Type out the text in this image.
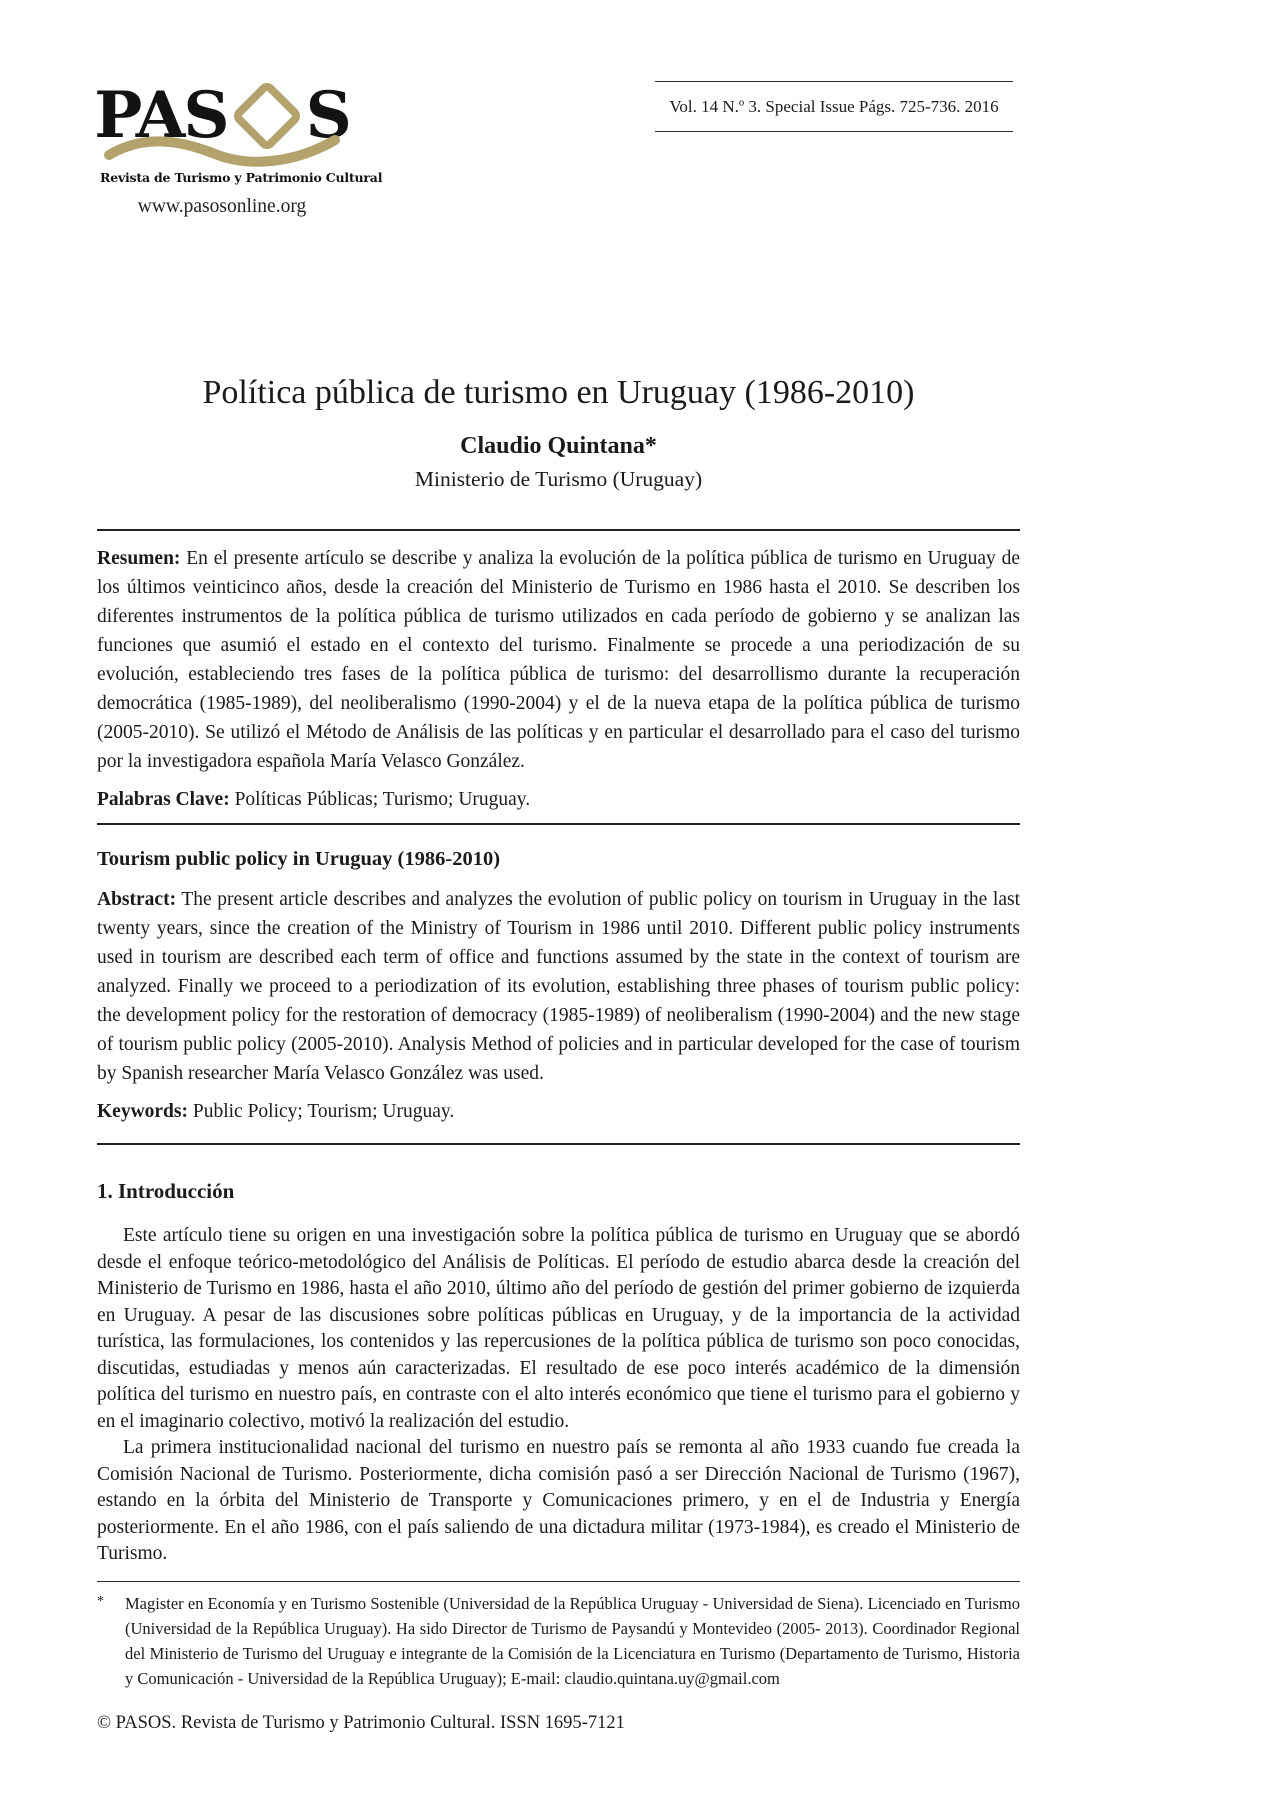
PAS S
Revista de Turismo y Patrimonio Cultural
www.pasosonline.org
Vol. 14 N.º 3. Special Issue Págs. 725-736. 2016
Política pública de turismo en Uruguay (1986-2010)
Claudio Quintana*
Ministerio de Turismo (Uruguay)

Resumen: En el presente artículo se describe y analiza la evolución de la política pública de turismo en Uruguay de los últimos veinticinco años, desde la creación del Ministerio de Turismo en 1986 hasta el 2010. Se describen los diferentes instrumentos de la política pública de turismo utilizados en cada período de gobierno y se analizan las funciones que asumió el estado en el contexto del turismo. Finalmente se procede a una periodización de su evolución, estableciendo tres fases de la política pública de turismo: del desarrollismo durante la recuperación democrática (1985-1989), del neoliberalismo (1990-2004) y el de la nueva etapa de la política pública de turismo (2005-2010). Se utilizó el Método de Análisis de las políticas y en particular el desarrollado para el caso del turismo por la investigadora española María Velasco González.

Palabras Clave: Políticas Públicas; Turismo; Uruguay.

Tourism public policy in Uruguay (1986-2010)

Abstract: The present article describes and analyzes the evolution of public policy on tourism in Uruguay in the last twenty years, since the creation of the Ministry of Tourism in 1986 until 2010. Different public policy instruments used in tourism are described each term of office and functions assumed by the state in the context of tourism are analyzed. Finally we proceed to a periodization of its evolution, establishing three phases of tourism public policy: the development policy for the restoration of democracy (1985-1989) of neoliberalism (1990-2004) and the new stage of tourism public policy (2005-2010). Analysis Method of policies and in particular developed for the case of tourism by Spanish researcher María Velasco González was used.

Keywords: Public Policy; Tourism; Uruguay.

1. Introducción

Este artículo tiene su origen en una investigación sobre la política pública de turismo en Uruguay que se abordó desde el enfoque teórico-metodológico del Análisis de Políticas. El período de estudio abarca desde la creación del Ministerio de Turismo en 1986, hasta el año 2010, último año del período de gestión del primer gobierno de izquierda en Uruguay. A pesar de las discusiones sobre políticas públicas en Uruguay, y de la importancia de la actividad turística, las formulaciones, los contenidos y las repercusiones de la política pública de turismo son poco conocidas, discutidas, estudiadas y menos aún caracterizadas. El resultado de ese poco interés académico de la dimensión política del turismo en nuestro país, en contraste con el alto interés económico que tiene el turismo para el gobierno y en el imaginario colectivo, motivó la realización del estudio.

La primera institucionalidad nacional del turismo en nuestro país se remonta al año 1933 cuando fue creada la Comisión Nacional de Turismo. Posteriormente, dicha comisión pasó a ser Dirección Nacional de Turismo (1967), estando en la órbita del Ministerio de Transporte y Comunicaciones primero, y en el de Industria y Energía posteriormente. En el año 1986, con el país saliendo de una dictadura militar (1973-1984), es creado el Ministerio de Turismo.

*	Magister en Economía y en Turismo Sostenible (Universidad de la República Uruguay - Universidad de Siena). Licenciado en Turismo (Universidad de la República Uruguay). Ha sido Director de Turismo de Paysandú y Montevideo (2005- 2013). Coordinador Regional del Ministerio de Turismo del Uruguay e integrante de la Comisión de la Licenciatura en Turismo (Departamento de Turismo, Historia y Comunicación - Universidad de la República Uruguay); E-mail: claudio.quintana.uy@gmail.com
© PASOS. Revista de Turismo y Patrimonio Cultural. ISSN 1695-7121
